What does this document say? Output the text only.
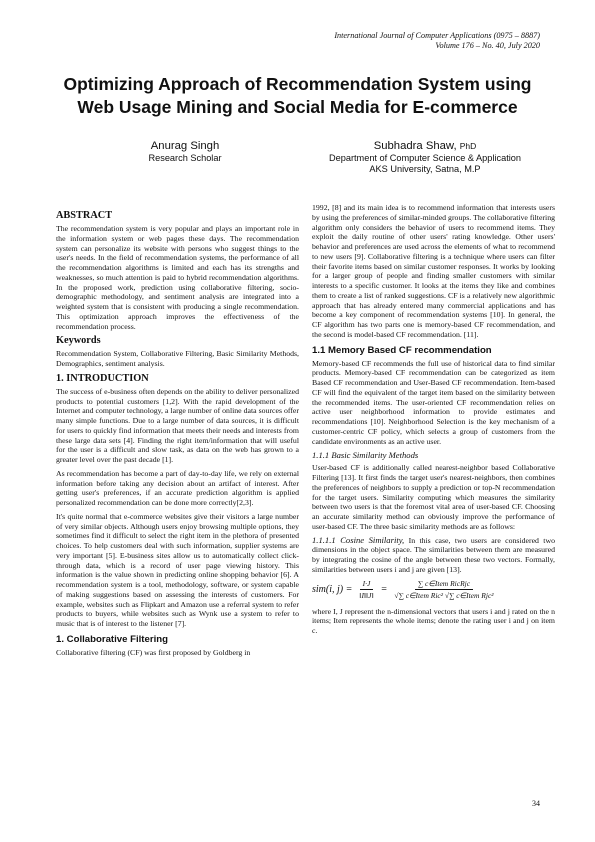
International Journal of Computer Applications (0975 – 8887)
Volume 176 – No. 40, July 2020
Optimizing Approach of Recommendation System using
Web Usage Mining and Social Media for E-commerce
Anurag Singh
Research Scholar
Subhadra Shaw, PhD
Department of Computer Science & Application
AKS University, Satna, M.P
ABSTRACT

The recommendation system is very popular and plays an important role in the information system or web pages these days. The recommendation system can personalize its website with persons who suggest things to the user's needs. In the field of recommendation systems, the performance of all the recommendation algorithms is limited and each has its strengths and weaknesses, so much attention is paid to hybrid recommendation algorithms. In the proposed work, prediction using collaborative filtering, socio-demographic methodology, and sentiment analysis are integrated into a weighted system that is consistent with producing a single recommendation. This optimization approach improves the effectiveness of the recommendation process.

Keywords

Recommendation System, Collaborative Filtering, Basic Similarity Methods, Demographics, sentiment analysis.

1. INTRODUCTION

The success of e-business often depends on the ability to deliver personalized products to potential customers [1,2]. With the rapid development of the Internet and computer technology, a large number of online data sources offer many simple functions. Due to a large number of data sources, it is difficult for users to quickly find information that meets their needs and interests from these large data sets [4]. Finding the right item/information that will useful for the user is a difficult and slow task, as data on the web has grown to a greater level over the past decade [1].

As recommendation has become a part of day-to-day life, we rely on external information before taking any decision about an artifact of interest. After getting user's preferences, if an accurate prediction algorithm is applied personalized recommendation can be done more correctly[2,3].

It's quite normal that e-commerce websites give their visitors a large number of very similar objects. Although users enjoy browsing multiple options, they sometimes find it difficult to select the right item in the plethora of presented choices. To help customers deal with such information, supplier systems are very important [5]. E-business sites allow us to automatically collect click-through data, which is a record of user page viewing history. This information is the value shown in predicting online shopping behavior [6]. A recommendation system is a tool, methodology, software, or system capable of making suggestions based on assessing the interests of customers. For example, websites such as Flipkart and Amazon use a referral system to refer products to buyers, while websites such as Wynk use a system to refer to music that is of interest to the listener [7].

1. Collaborative Filtering

Collaborative filtering (CF) was first proposed by Goldberg in

1992, [8] and its main idea is to recommend information that interests users by using the preferences of similar-minded groups. The collaborative filtering algorithm only considers the behavior of users to recommend items. They exploit the daily routine of other users' rating knowledge. Other users' behavior and preferences are used across the elements of what to recommend to new users [9]. Collaborative filtering is a technique where users can filter their favorite items based on similar customer responses. It works by looking for a larger group of people and finding smaller customers with similar interests to a specific customer. It looks at the items they like and combines them to create a list of ranked suggestions. CF is a relatively new algorithmic approach that has already entered many commercial applications and has become a key component of recommendation systems [10]. In general, the CF algorithm has two parts one is memory-based CF recommendation, and the second is model-based CF recommendation. [11].

1.1 Memory Based CF recommendation

Memory-based CF recommends the full use of historical data to find similar products. Memory-based CF recommendation can be categorized as item Based CF recommendation and User-Based CF recommendation. Item-based CF will find the equivalent of the target item based on the similarity between the recommended items. The user-oriented CF recommendation relies on active user neighborhood information to provide estimates and recommendations [10]. Neighborhood Selection is the key mechanism of a customer-centric CF policy, which selects a group of customers from the candidate environments as an active user.

1.1.1 Basic Similarity Methods

User-based CF is additionally called nearest-neighbor based Collaborative Filtering [13]. It first finds the target user's nearest-neighbors, then combines the preferences of neighbors to supply a prediction or top-N recommendation for the target users. Similarity computing which measures the similarity between two users is that the foremost vital area of user-based CF. Choosing an accurate similarity method can obviously improve the performance of user-based CF. The three basic similarity methods are as follows:

1.1.1.1 Cosine Similarity, In this case, two users are considered two dimensions in the object space. The similarities between them are measured by integrating the cosine of the angle between these two vectors. Formally, similarities between users i and j are given [13].

sim(i, $j) = \frac{I\cdot J}{‖I‖‖J‖} = \frac{\text{∑ c∈Item RicRjc}}{\text{√∑ c∈Item Ric² √∑ c∈Item Rjc²}}$

where I, J represent the n-dimensional vectors that users i and j rated on the n items; Item represents the whole items; denote the rating user i and j on item c.

34
